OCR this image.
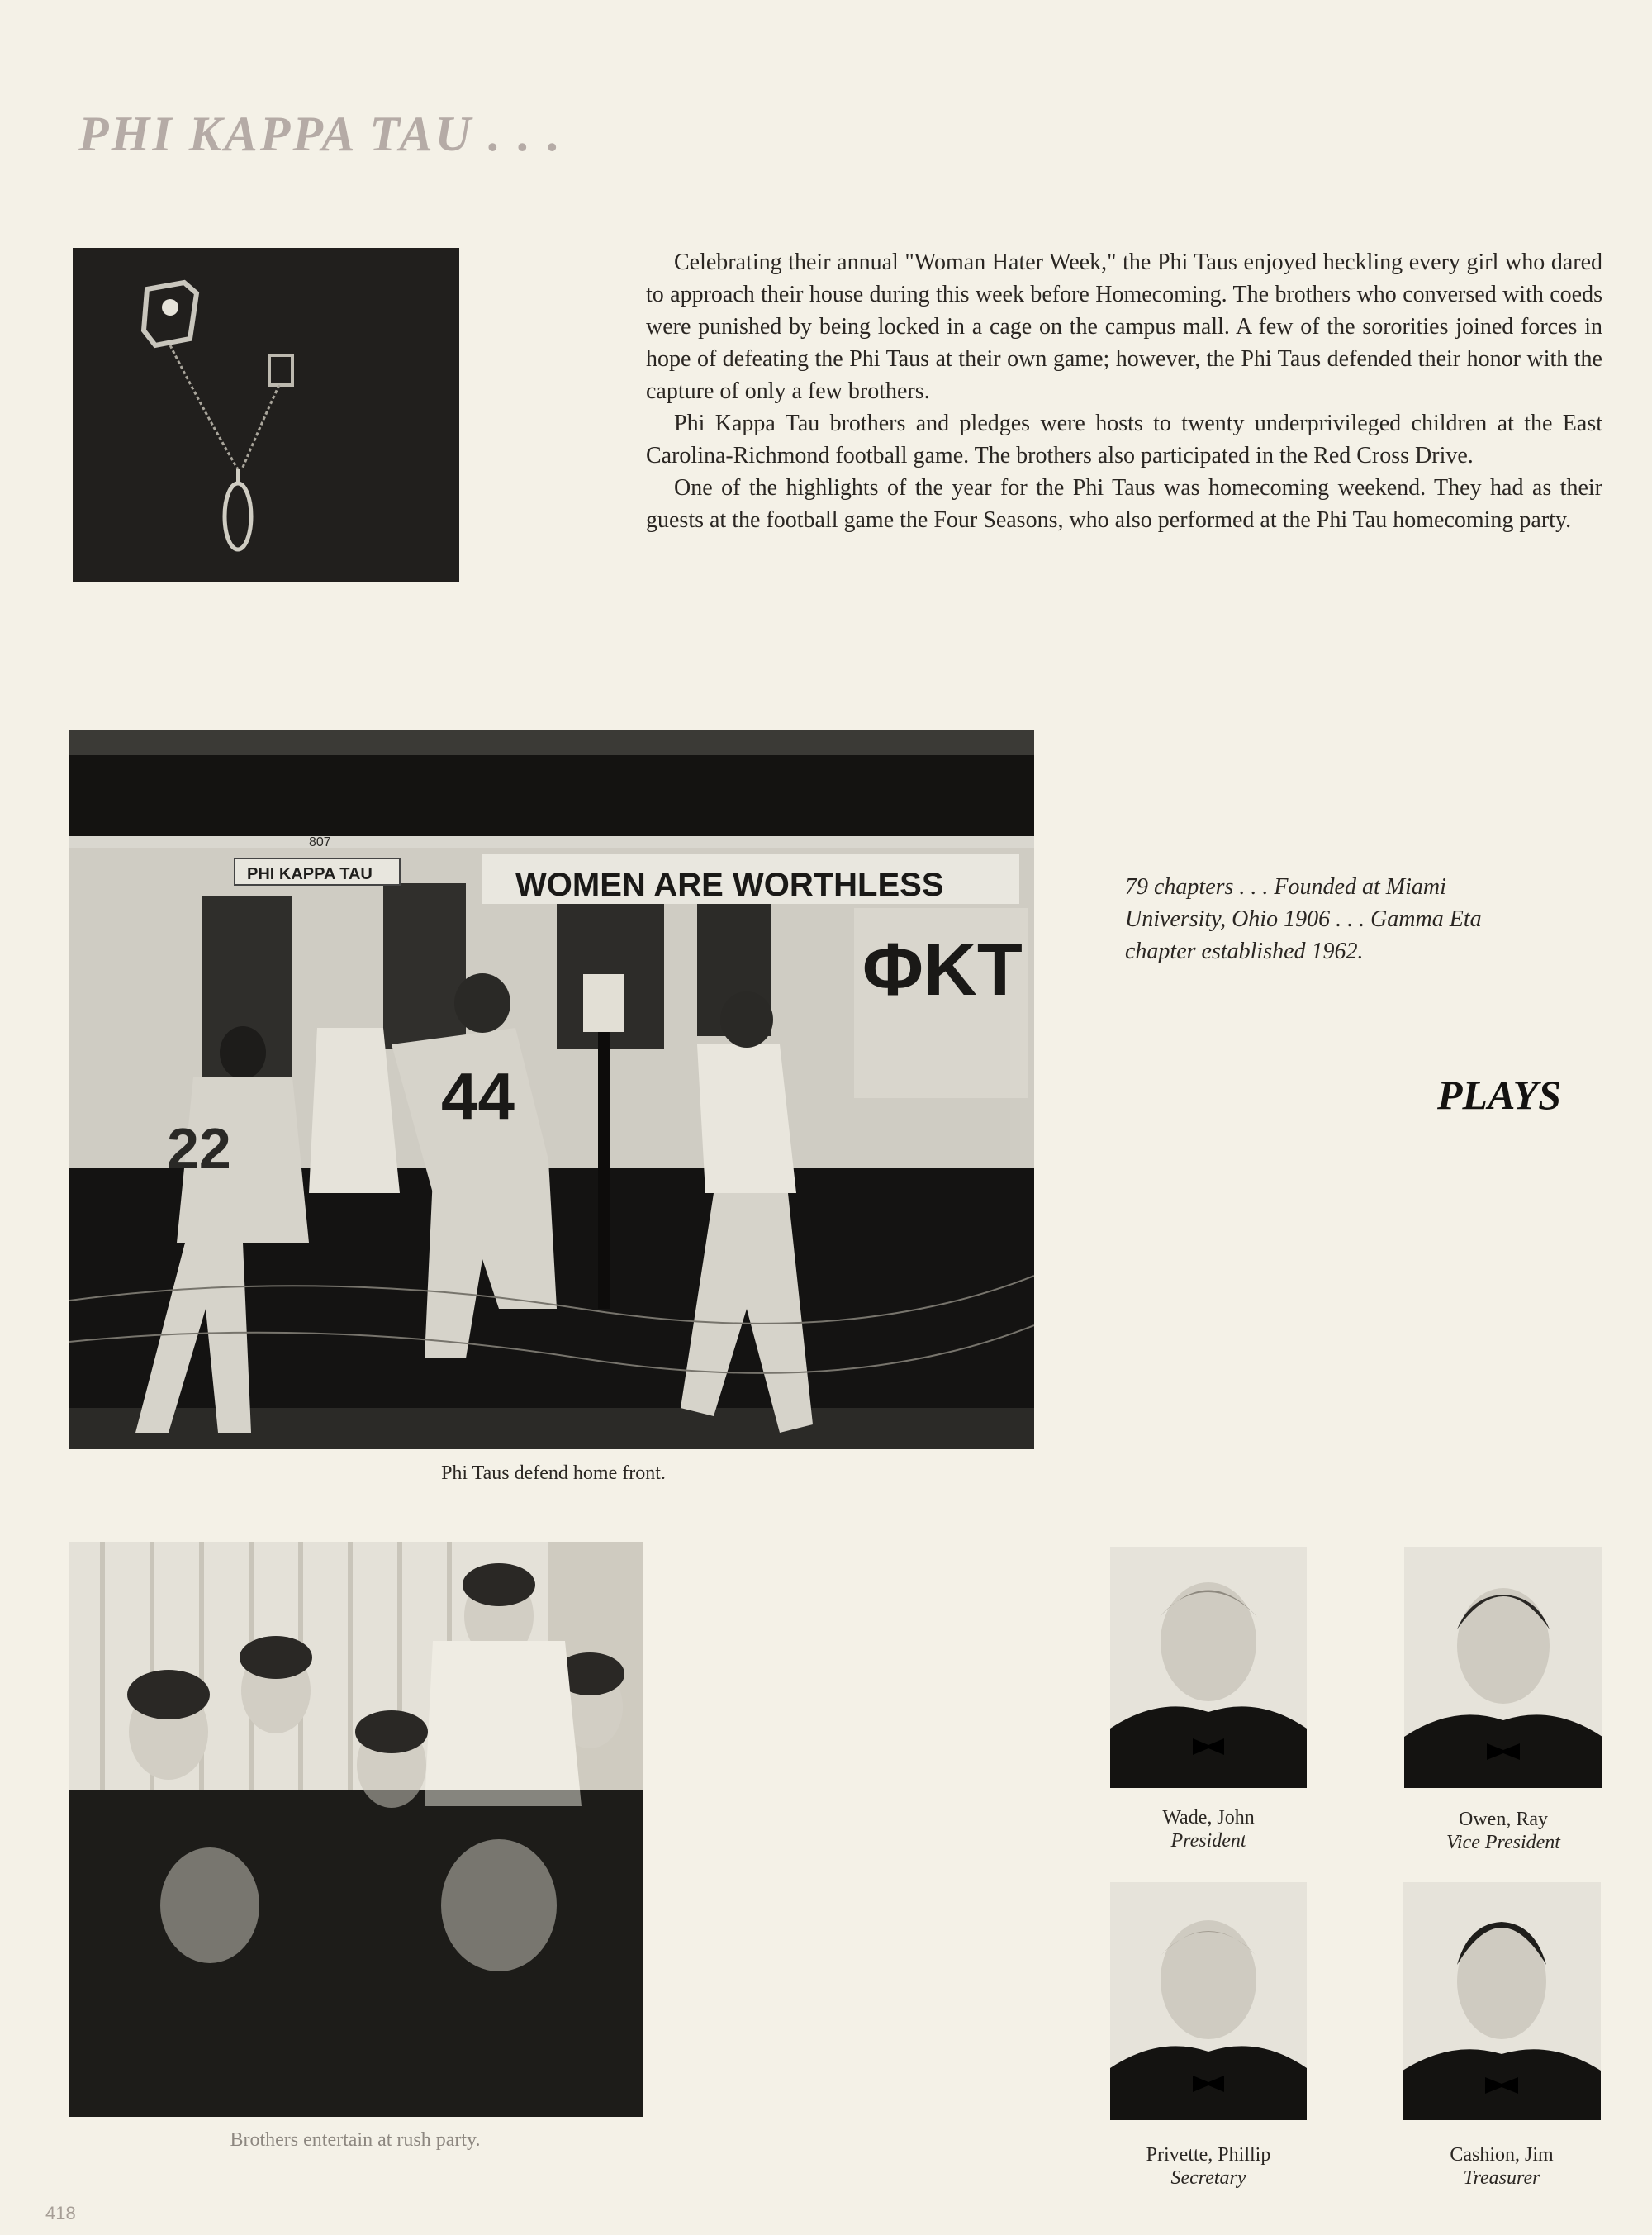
PHI KAPPA TAU . . .

Celebrating their annual "Woman Hater Week," the Phi Taus enjoyed heckling every girl who dared to approach their house during this week before Homecoming. The brothers who conversed with coeds were punished by being locked in a cage on the campus mall. A few of the sororities joined forces in hope of defeating the Phi Taus at their own game; however, the Phi Taus defended their honor with the capture of only a few brothers.

Phi Kappa Tau brothers and pledges were hosts to twenty underprivileged children at the East Carolina-Richmond football game. The brothers also participated in the Red Cross Drive.

One of the highlights of the year for the Phi Taus was homecoming weekend. They had as their guests at the football game the Four Seasons, who also performed at the Phi Tau homecoming party.

807
PHI KAPPA TAU	WOMEN ARE WORTHLESS
ΦKT
22
44
Phi Taus defend home front.
79 chapters . . . Founded at Miami University, Ohio 1906 . . . Gamma Eta chapter established 1962.
PLAYS
Brothers entertain at rush party.
Wade, John
President
Owen, Ray
Vice President
Privette, Phillip
Secretary
Cashion, Jim
Treasurer
418
